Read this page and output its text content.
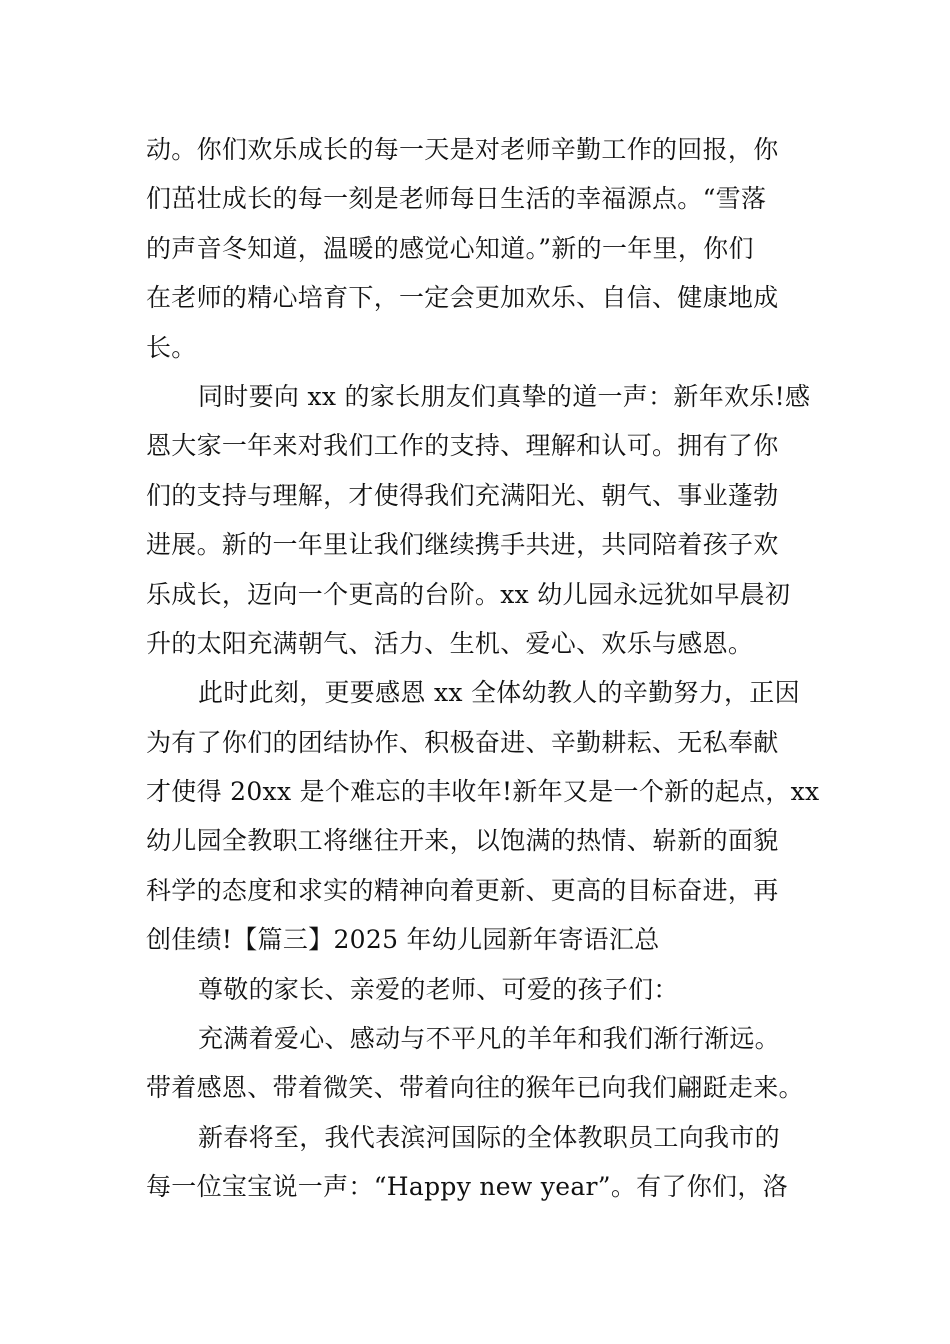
动。你们欢乐成长的每一天是对老师辛勤工作的回报，你
们茁壮成长的每一刻是老师每日生活的幸福源点。“雪落
的声音冬知道，温暖的感觉心知道。”新的一年里，你们
在老师的精心培育下，一定会更加欢乐、自信、健康地成
长。
同时要向 xx 的家长朋友们真挚的道一声：新年欢乐!感
恩大家一年来对我们工作的支持、理解和认可。拥有了你
们的支持与理解，才使得我们充满阳光、朝气、事业蓬勃
进展。新的一年里让我们继续携手共进，共同陪着孩子欢
乐成长，迈向一个更高的台阶。xx 幼儿园永远犹如早晨初
升的太阳充满朝气、活力、生机、爱心、欢乐与感恩。
此时此刻，更要感恩 xx 全体幼教人的辛勤努力，正因
为有了你们的团结协作、积极奋进、辛勤耕耘、无私奉献
才使得 20xx 是个难忘的丰收年!新年又是一个新的起点，xx
幼儿园全教职工将继往开来，以饱满的热情、崭新的面貌
科学的态度和求实的精神向着更新、更高的目标奋进，再
创佳绩!【篇三】2025 年幼儿园新年寄语汇总
尊敬的家长、亲爱的老师、可爱的孩子们：
充满着爱心、感动与不平凡的羊年和我们渐行渐远。
带着感恩、带着微笑、带着向往的猴年已向我们翩跹走来。
新春将至，我代表滨河国际的全体教职员工向我市的
每一位宝宝说一声：“Happy new year”。有了你们，洛
